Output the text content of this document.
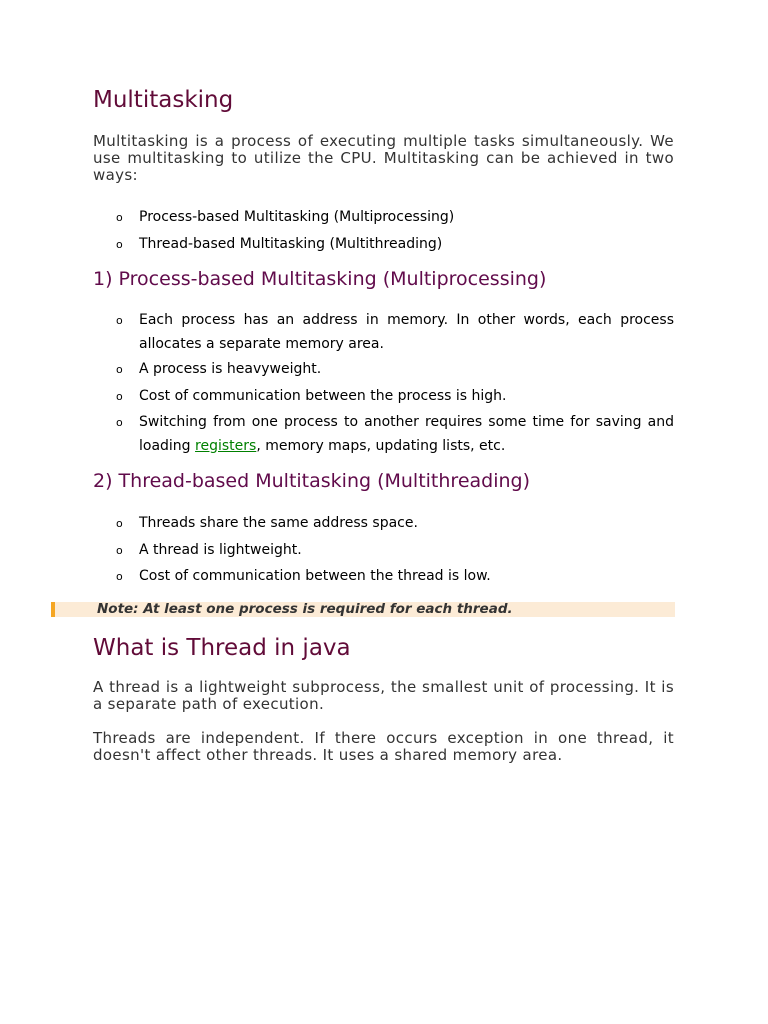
Multitasking

Multitasking is a process of executing multiple tasks simultaneously. We use multitasking to utilize the CPU. Multitasking can be achieved in two ways:

o Process-based Multitasking (Multiprocessing)
o Thread-based Multitasking (Multithreading)
1) Process-based Multitasking (Multiprocessing)
o Each process has an address in memory. In other words, each process allocates a separate memory area.
o A process is heavyweight.
o Cost of communication between the process is high.
o Switching from one process to another requires some time for saving and loading registers, memory maps, updating lists, etc.
2) Thread-based Multitasking (Multithreading)
o Threads share the same address space.
o A thread is lightweight.
o Cost of communication between the thread is low.
Note: At least one process is required for each thread.
What is Thread in java

A thread is a lightweight subprocess, the smallest unit of processing. It is a separate path of execution.

Threads are independent. If there occurs exception in one thread, it doesn't affect other threads. It uses a shared memory area.
